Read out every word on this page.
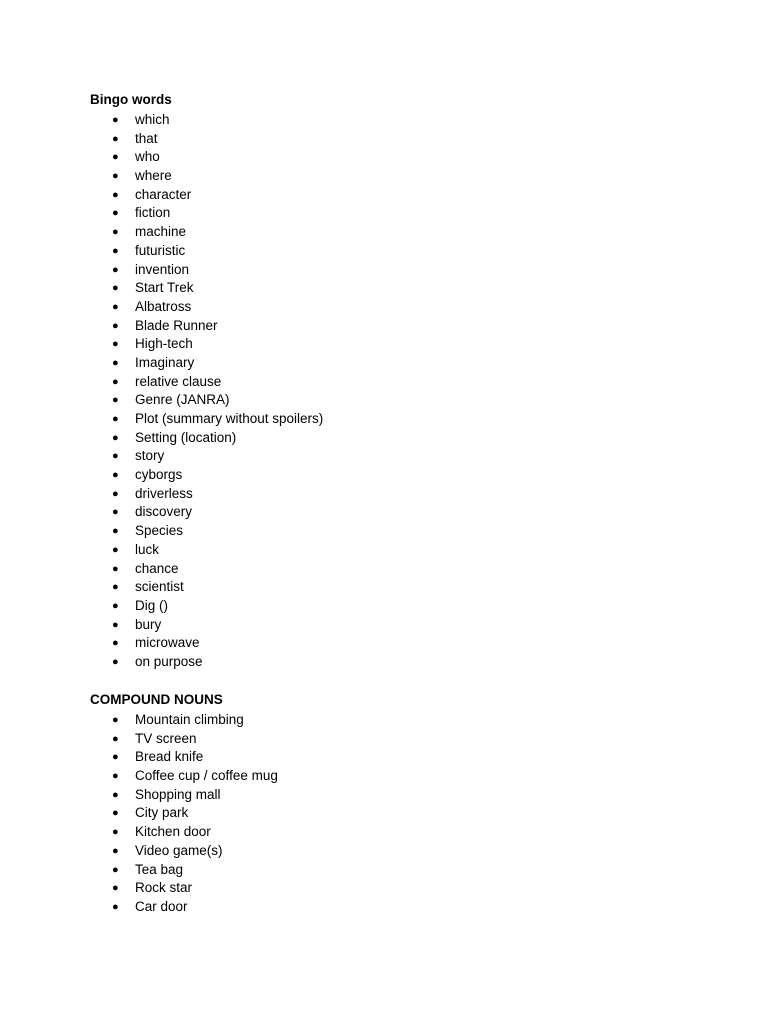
Bingo words
● which
● that
● who
● where
● character
● fiction
● machine
● futuristic
● invention
● Start Trek
● Albatross
● Blade Runner
● High-tech
● Imaginary
● relative clause
● Genre (JANRA)
● Plot (summary without spoilers)
● Setting (location)
● story
● cyborgs
● driverless
● discovery
● Species
● luck
● chance
● scientist
● Dig ()
● bury
● microwave
● on purpose
COMPOUND NOUNS
● Mountain climbing
● TV screen
● Bread knife
● Coffee cup / coffee mug
● Shopping mall
● City park
● Kitchen door
● Video game(s)
● Tea bag
● Rock star
● Car door
